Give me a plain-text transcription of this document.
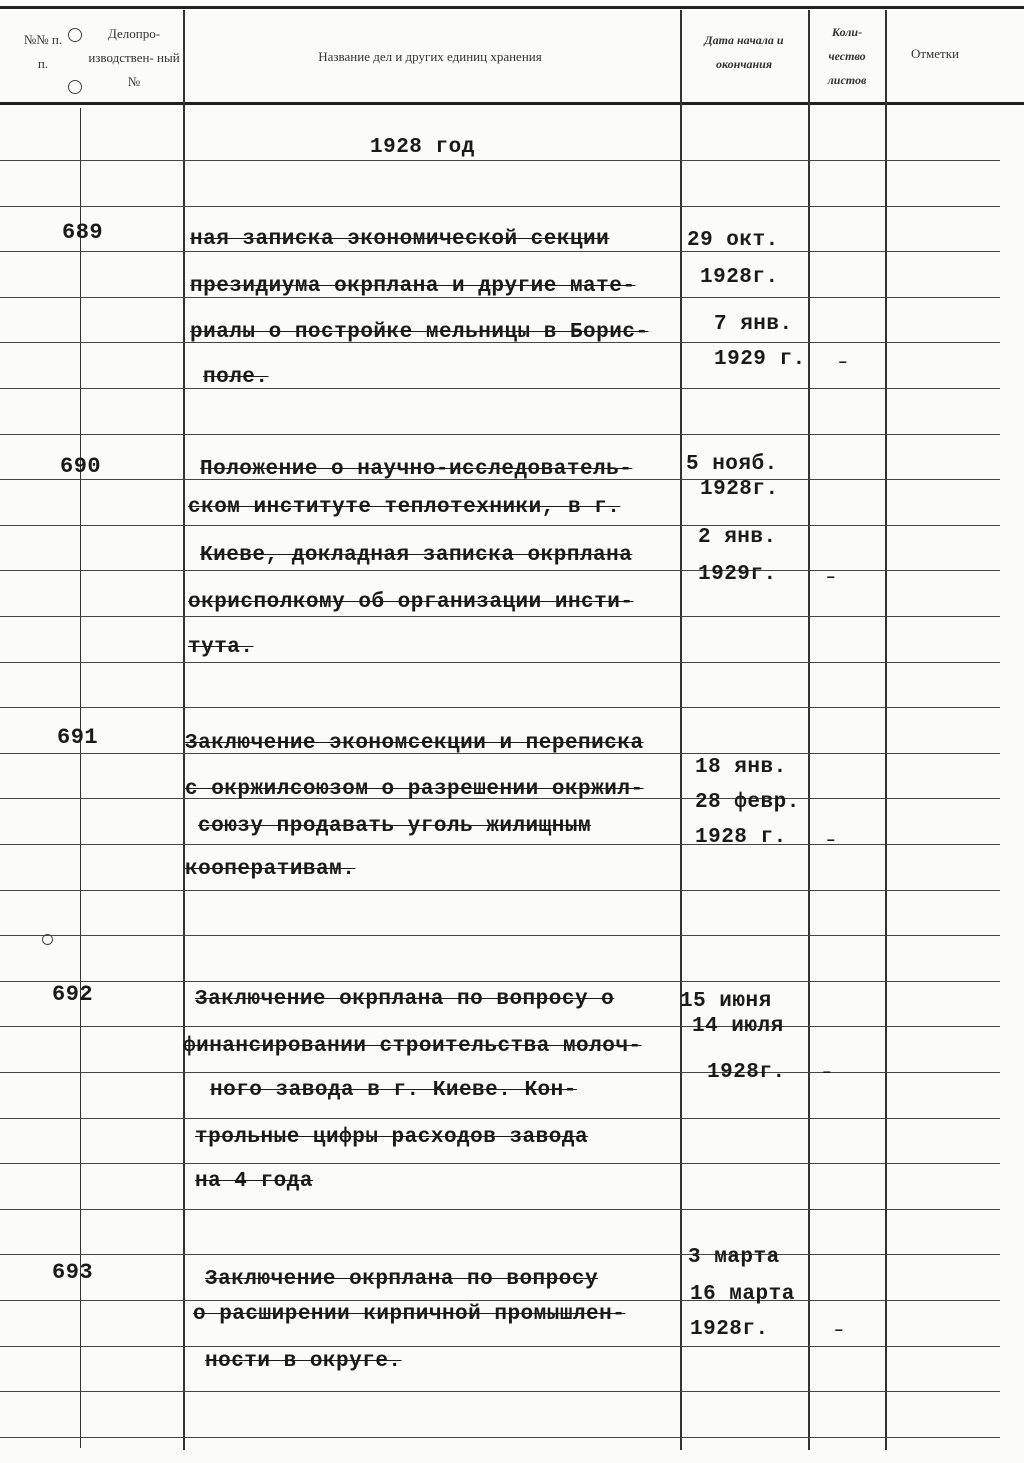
№№ п. п.
Делопро- изводствен- ный №
Название дел и других единиц хранения
Дата начала и окончания
Коли- чество листов
Отметки
1928 год
689	ная записка экономической секции
президиума окрплана и другие мате-
риалы о постройке мельницы в Борис-
поле.
29 окт.
1928г.
7 янв.
1929 г. –
690	Положение о научно-исследователь-
ском институте теплотехники, в г.
Киеве, докладная записка окрплана
окрисполкому об организации инсти-
тута.
5 нояб.
1928г.
2 янв.
1929г.	–
691	Заключение экономсекции и переписка
с окржилсоюзом о разрешении окржил-
союзу продавать уголь жилищным
кооперативам.
18 янв.
28 февр.
1928 г. –
692	Заключение окрплана по вопросу о
финансировании строительства молоч-
ного завода в г. Киеве. Кон-
трольные цифры расходов завода
на 4 года
15 июня
14 июля
1928г. –
693	Заключение окрплана по вопросу
о расширении кирпичной промышлен-
ности в округе.
3 марта
16 марта
1928г.	–
